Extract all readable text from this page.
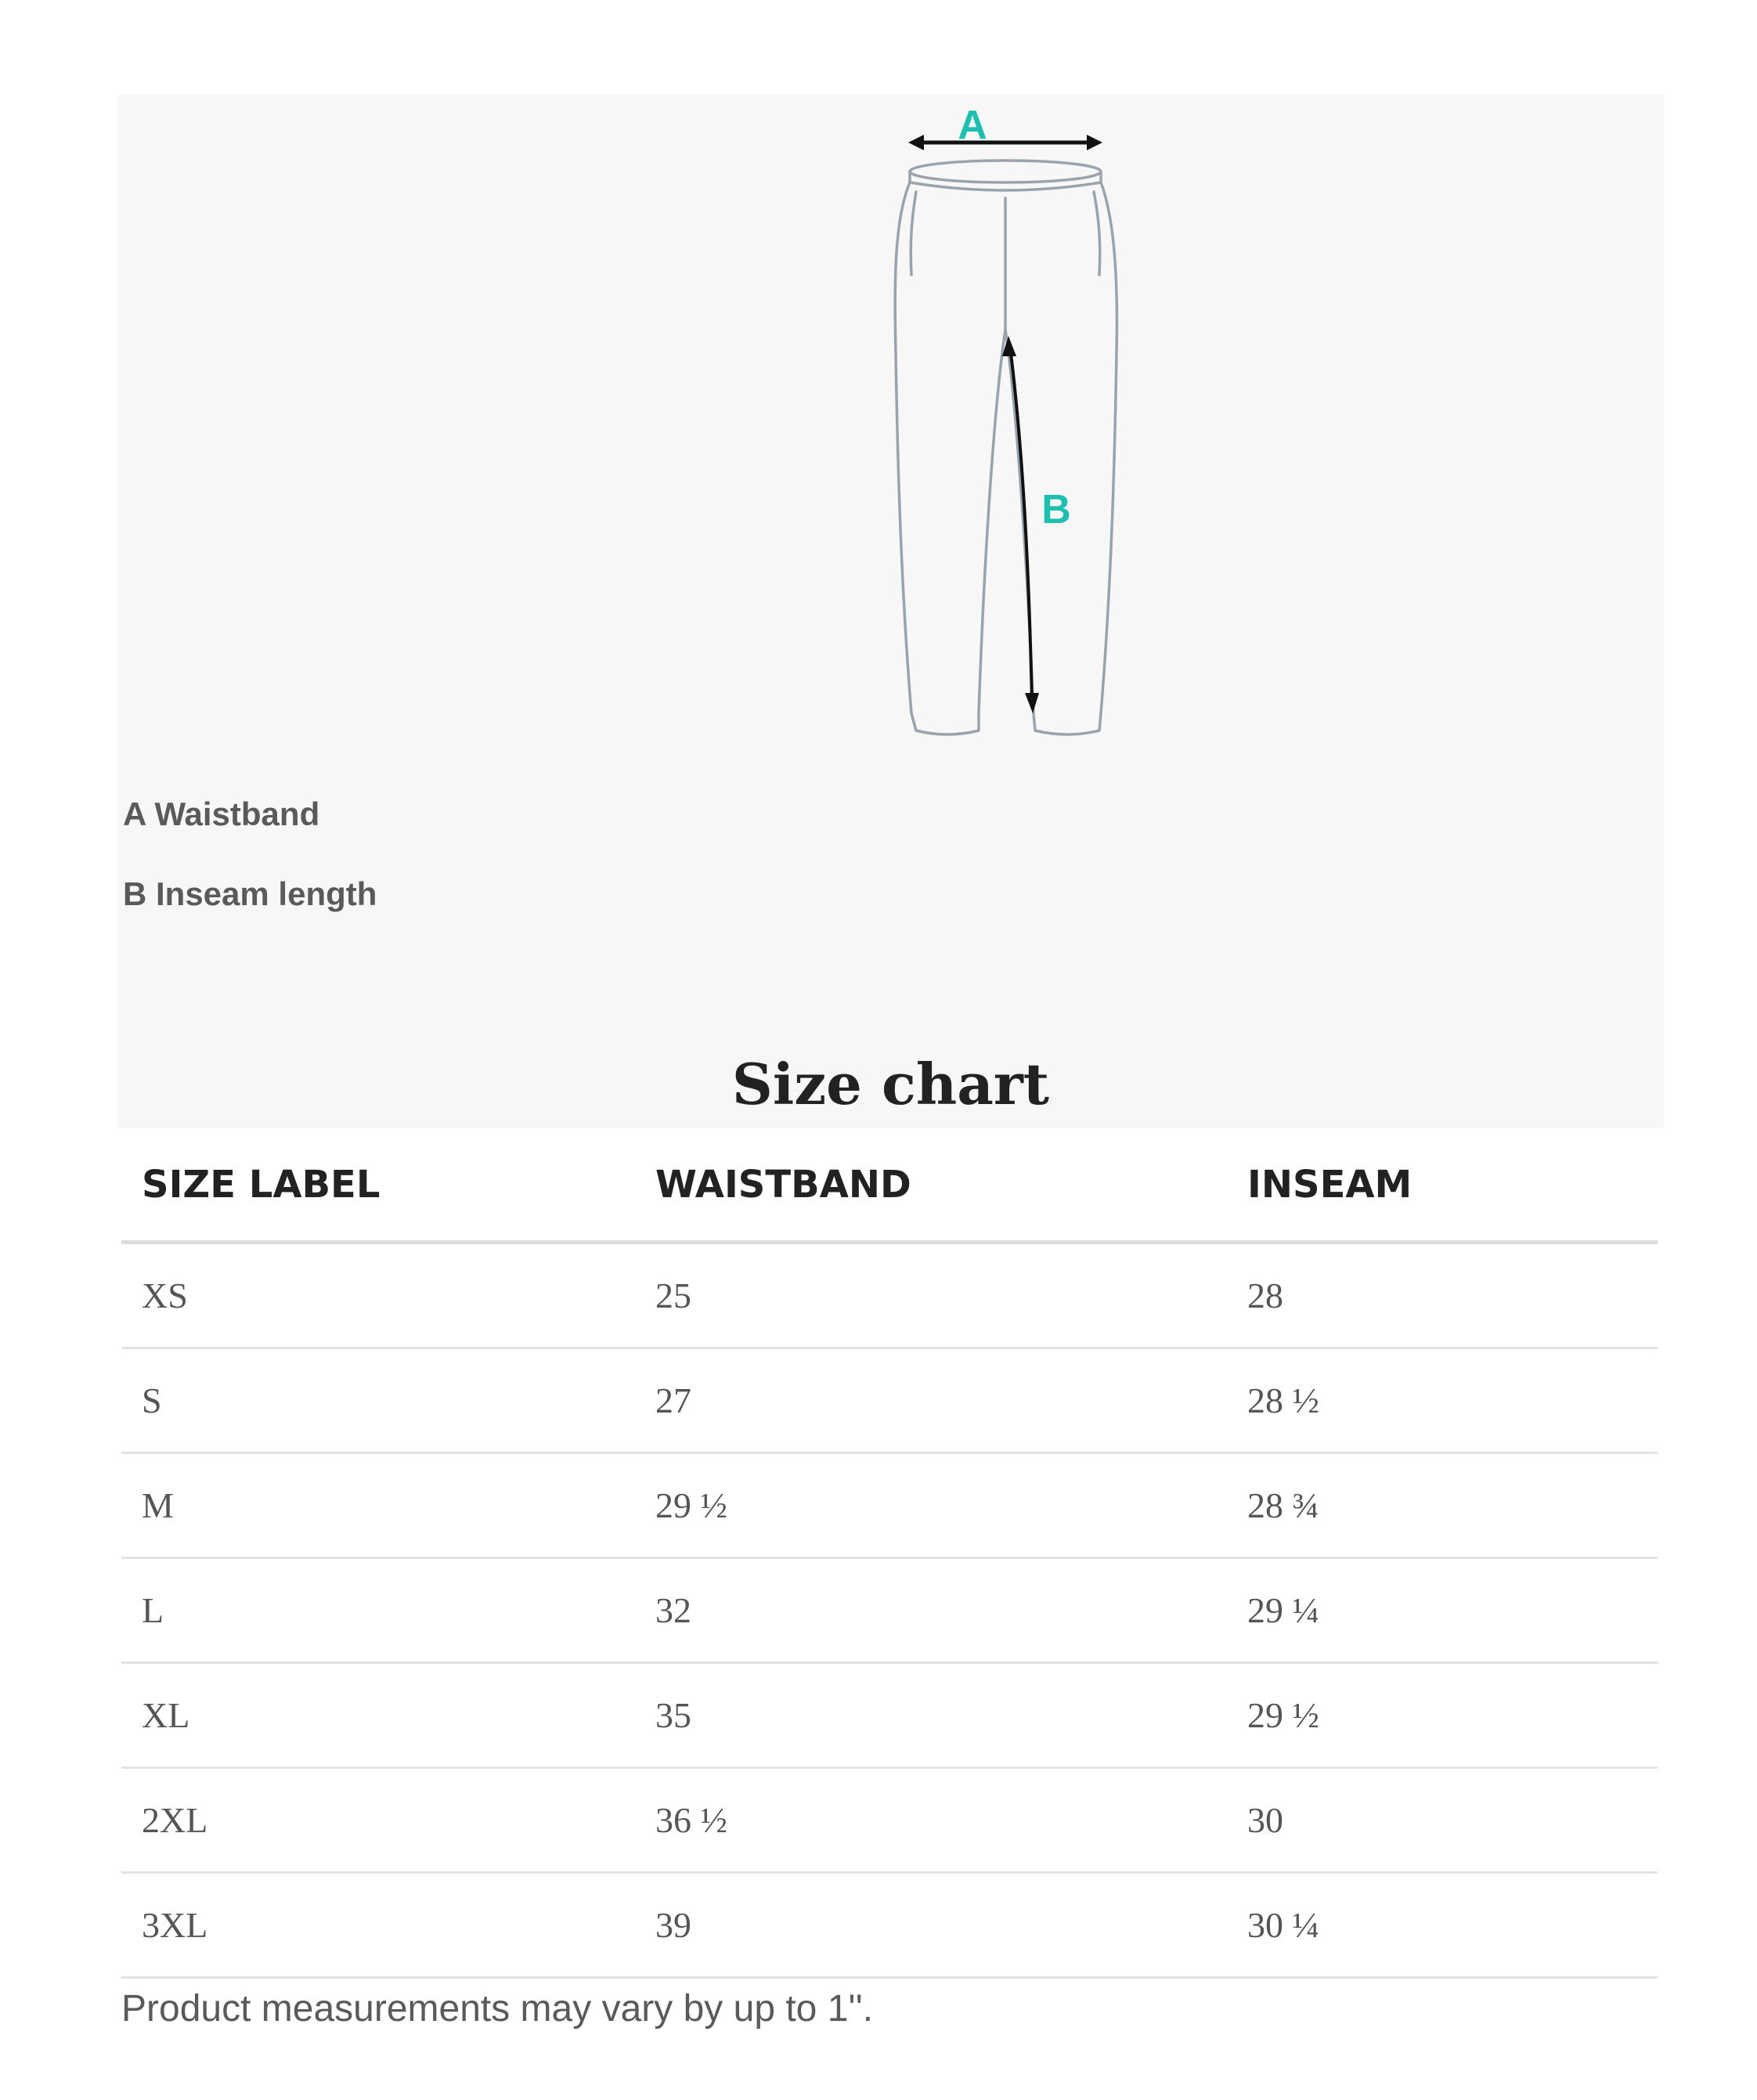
A
B
A Waistband
B Inseam length
Size chart
SIZE LABEL	WAISTBAND	INSEAM
XS	25	28
S	27	28 ½
M	29 ½	28 ¾
L	32	29 ¼
XL	35	29 ½
2XL	36 ½	30
3XL	39	30 ¼
Product measurements may vary by up to 1''.
